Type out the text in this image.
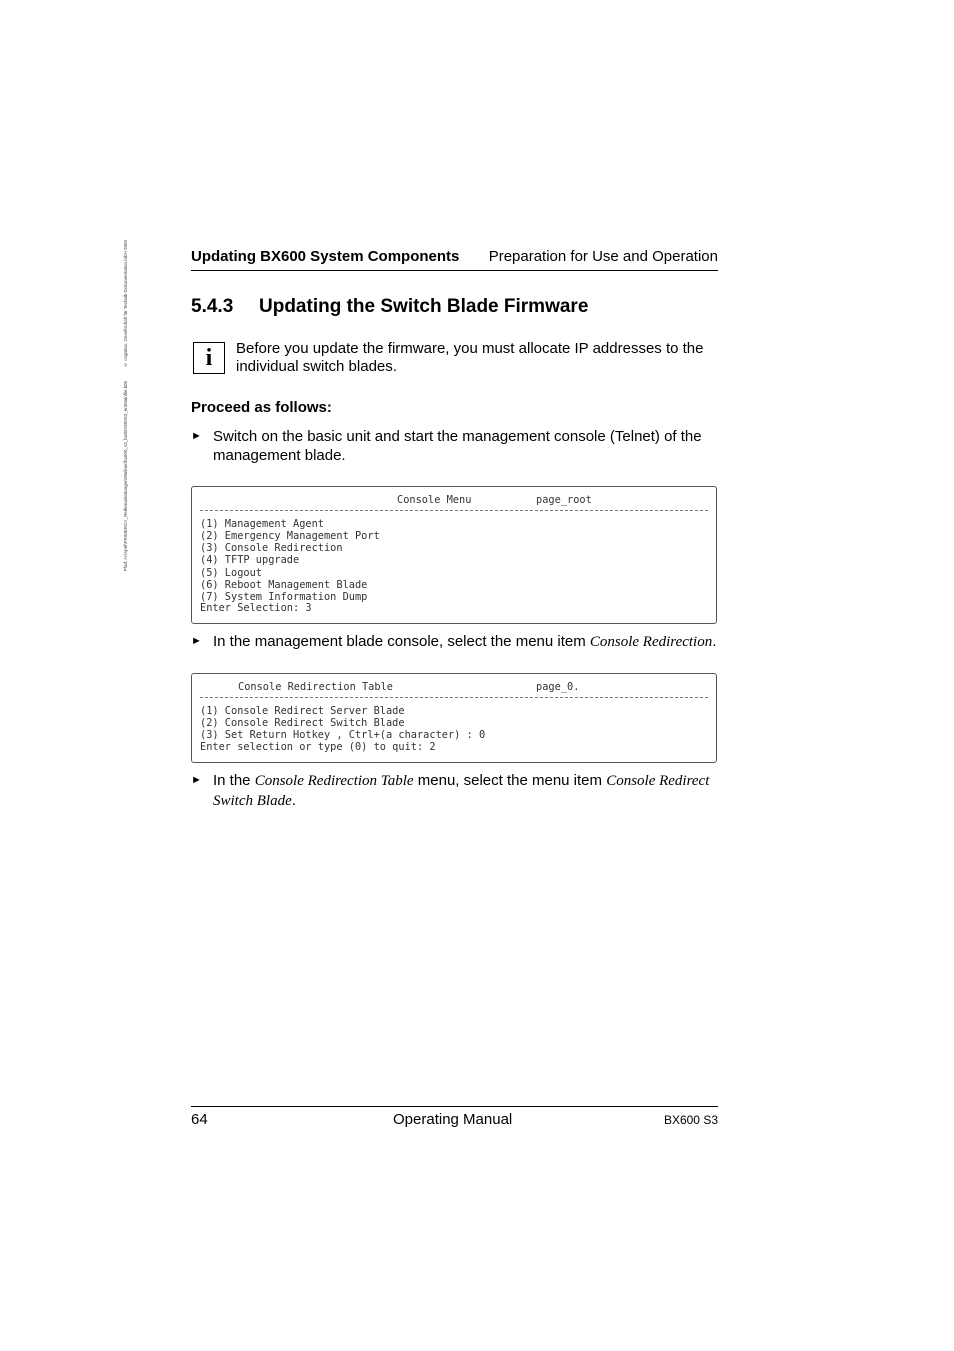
© cognitas. Gesellschaft für Technik-Dokumentation mbH 2009
Pfad: H:\April\PRIMERGY_Reihenanleitungen\Wallner\bx600_s3_bw\BX600S3_en\Mainfile.k05
Updating BX600 System Components Preparation for Use and Operation
5.4.3 Updating the Switch Blade Firmware
i	Before you update the firmware, you must allocate IP addresses to the individual switch blades.
Proceed as follows:
► Switch on the basic unit and start the management console (Telnet) of the management blade.
Console Menu	page_root
(1) Management Agent
(2) Emergency Management Port
(3) Console Redirection
(4) TFTP upgrade
(5) Logout
(6) Reboot Management Blade
(7) System Information Dump
Enter Selection: 3
► In the management blade console, select the menu item Console Redirection.
Console Redirection Table	page_0.
(1) Console Redirect Server Blade
(2) Console Redirect Switch Blade
(3) Set Return Hotkey , Ctrl+(a character) : 0
Enter selection or type (0) to quit: 2
► In the Console Redirection Table menu, select the menu item Console Redirect Switch Blade.
64	Operating Manual	BX600 S3
